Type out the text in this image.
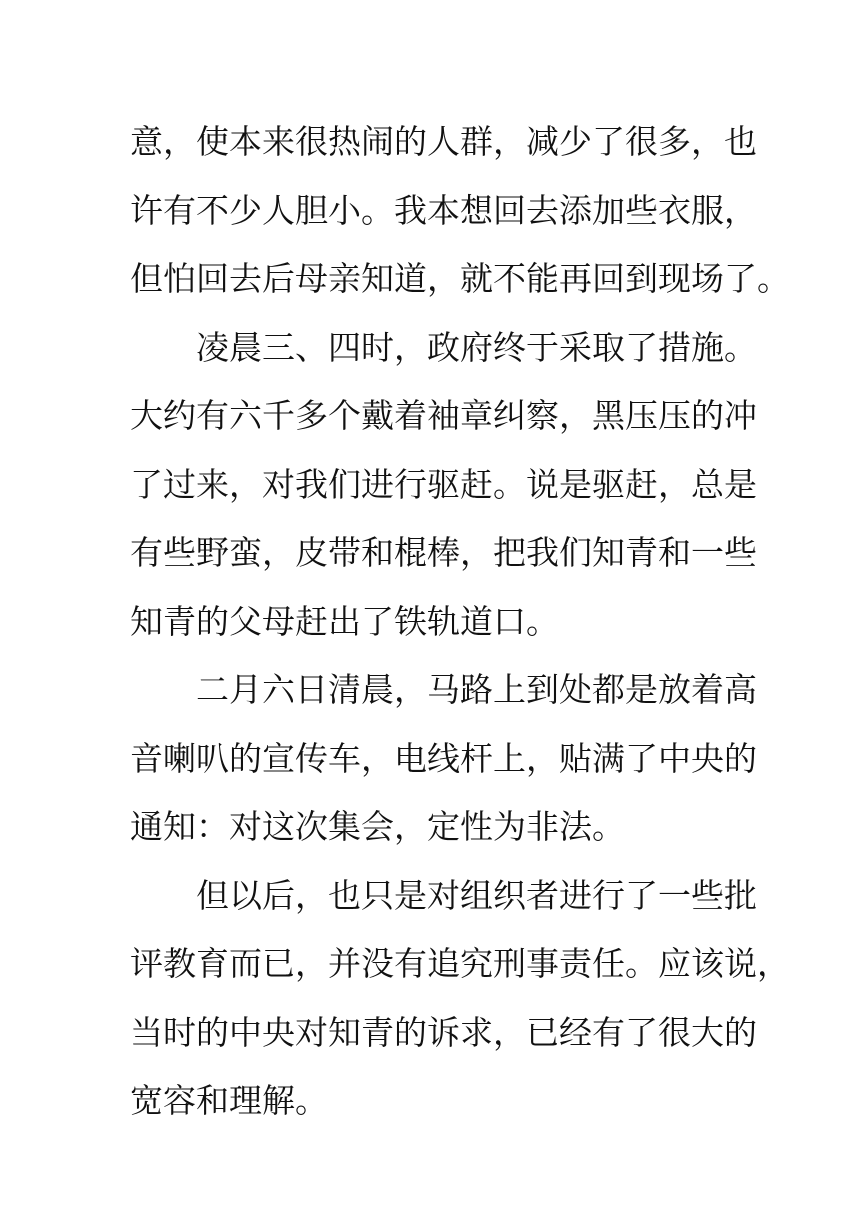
意，使本来很热闹的人群，减少了很多，也
许有不少人胆小。我本想回去添加些衣服，
但怕回去后母亲知道，就不能再回到现场了。
凌晨三、四时，政府终于采取了措施。
大约有六千多个戴着袖章纠察，黑压压的冲
了过来，对我们进行驱赶。说是驱赶，总是
有些野蛮，皮带和棍棒，把我们知青和一些
知青的父母赶出了铁轨道口。
二月六日清晨，马路上到处都是放着高
音喇叭的宣传车，电线杆上，贴满了中央的
通知：对这次集会，定性为非法。
但以后，也只是对组织者进行了一些批
评教育而已，并没有追究刑事责任。应该说，
当时的中央对知青的诉求，已经有了很大的
宽容和理解。
